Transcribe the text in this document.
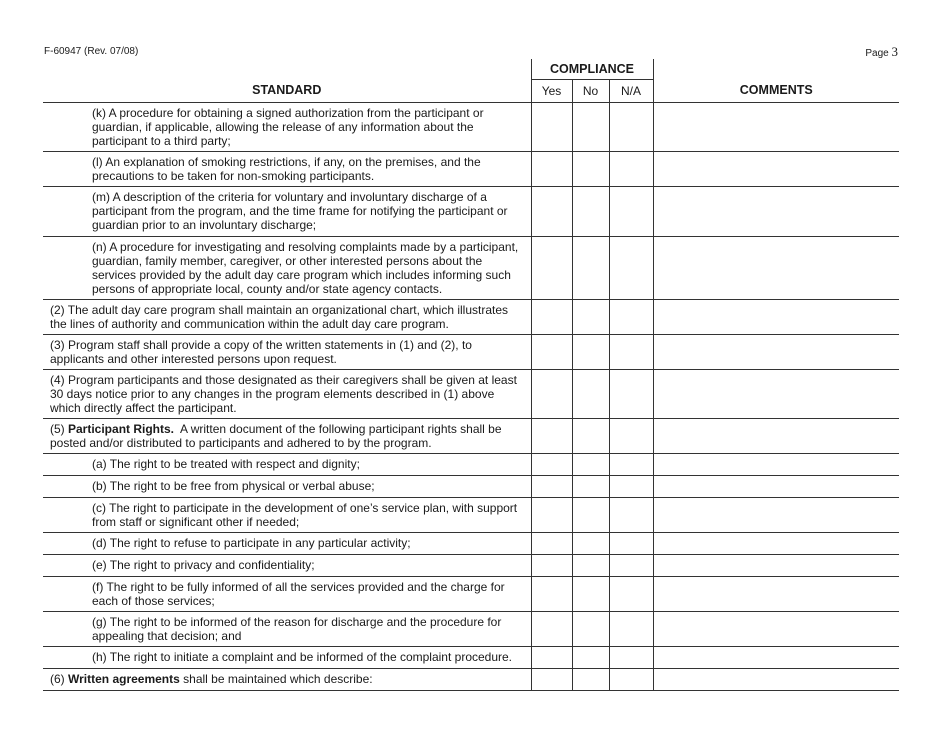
F-60947 (Rev. 07/08)	Page 3
STANDARD	COMPLIANCE			COMMENTS
	Yes	No	N/A	
(k) A procedure for obtaining a signed authorization from the participant or guardian, if applicable, allowing the release of any information about the participant to a third party;				
(l) An explanation of smoking restrictions, if any, on the premises, and the precautions to be taken for non-smoking participants.				
(m) A description of the criteria for voluntary and involuntary discharge of a participant from the program, and the time frame for notifying the participant or guardian prior to an involuntary discharge;				
(n) A procedure for investigating and resolving complaints made by a participant, guardian, family member, caregiver, or other interested persons about the services provided by the adult day care program which includes informing such persons of appropriate local, county and/or state agency contacts.				
(2) The adult day care program shall maintain an organizational chart, which illustrates the lines of authority and communication within the adult day care program.				
(3) Program staff shall provide a copy of the written statements in (1) and (2), to applicants and other interested persons upon request.				
(4) Program participants and those designated as their caregivers shall be given at least 30 days notice prior to any changes in the program elements described in (1) above which directly affect the participant.				
(5) Participant Rights.  A written document of the following participant rights shall be posted and/or distributed to participants and adhered to by the program.				
(a) The right to be treated with respect and dignity;				
(b) The right to be free from physical or verbal abuse;				
(c) The right to participate in the development of one’s service plan, with support from staff or significant other if needed;				
(d) The right to refuse to participate in any particular activity;				
(e) The right to privacy and confidentiality;				
(f) The right to be fully informed of all the services provided and the charge for each of those services;				
(g) The right to be informed of the reason for discharge and the procedure for appealing that decision; and				
(h) The right to initiate a complaint and be informed of the complaint procedure.				
(6) Written agreements shall be maintained which describe:				
